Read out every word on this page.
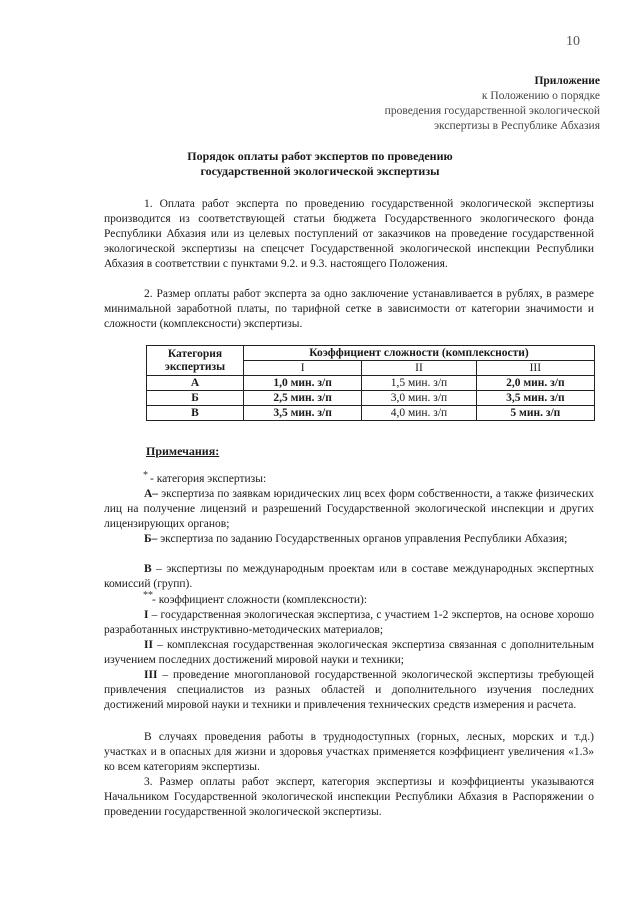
10
Приложение
к Положению о порядке
проведения государственной экологической
экспертизы в Республике Абхазия
Порядок оплаты работ экспертов по проведению
государственной экологической экспертизы

1. Оплата работ эксперта по проведению государственной экологической экспертизы производится из соответствующей статьи бюджета Государственного экологического фонда Республики Абхазия или из целевых поступлений от заказчиков на проведение государственной экологической экспертизы на спецсчет Государственной экологической инспекции Республики Абхазия в соответствии с пунктами 9.2. и 9.3. настоящего Положения.

2. Размер оплаты работ эксперта за одно заключение устанавливается в рублях, в размере минимальной заработной платы, по тарифной сетке в зависимости от категории значимости и сложности (комплексности) экспертизы.

Категория экспертизы	Коэффициент сложности (комплексности)		
	I	II	III
А	1,0 мин. з/п	1,5 мин. з/п	2,0 мин. з/п
Б	2,5 мин. з/п	3,0 мин. з/п	3,5 мин. з/п
В	3,5 мин. з/п	4,0 мин. з/п	5 мин. з/п
Примечания:
* - категория экспертизы:

А– экспертиза по заявкам юридических лиц всех форм собственности, а также физических лиц на получение лицензий и разрешений Государственной экологической инспекции и других лицензирующих органов;

Б– экспертиза по заданию Государственных органов управления Республики Абхазия;

В – экспертизы по международным проектам или в составе международных экспертных комиссий (групп).

** - коэффициент сложности (комплексности):

I – государственная экологическая экспертиза, с участием 1-2 экспертов, на основе хорошо разработанных инструктивно-методических материалов;

II – комплексная государственная экологическая экспертиза связанная с дополнительным изучением последних достижений мировой науки и техники;

III – проведение многоплановой государственной экологической экспертизы требующей привлечения специалистов из разных областей и дополнительного изучения последних достижений мировой науки и техники и привлечения технических средств измерения и расчета.

В случаях проведения работы в труднодоступных (горных, лесных, морских и т.д.) участках и в опасных для жизни и здоровья участках применяется коэффициент увеличения «1.3» ко всем категориям экспертизы.

3. Размер оплаты работ эксперт, категория экспертизы и коэффициенты указываются Начальником Государственной экологической инспекции Республики Абхазия в Распоряжении о проведении государственной экологической экспертизы.
